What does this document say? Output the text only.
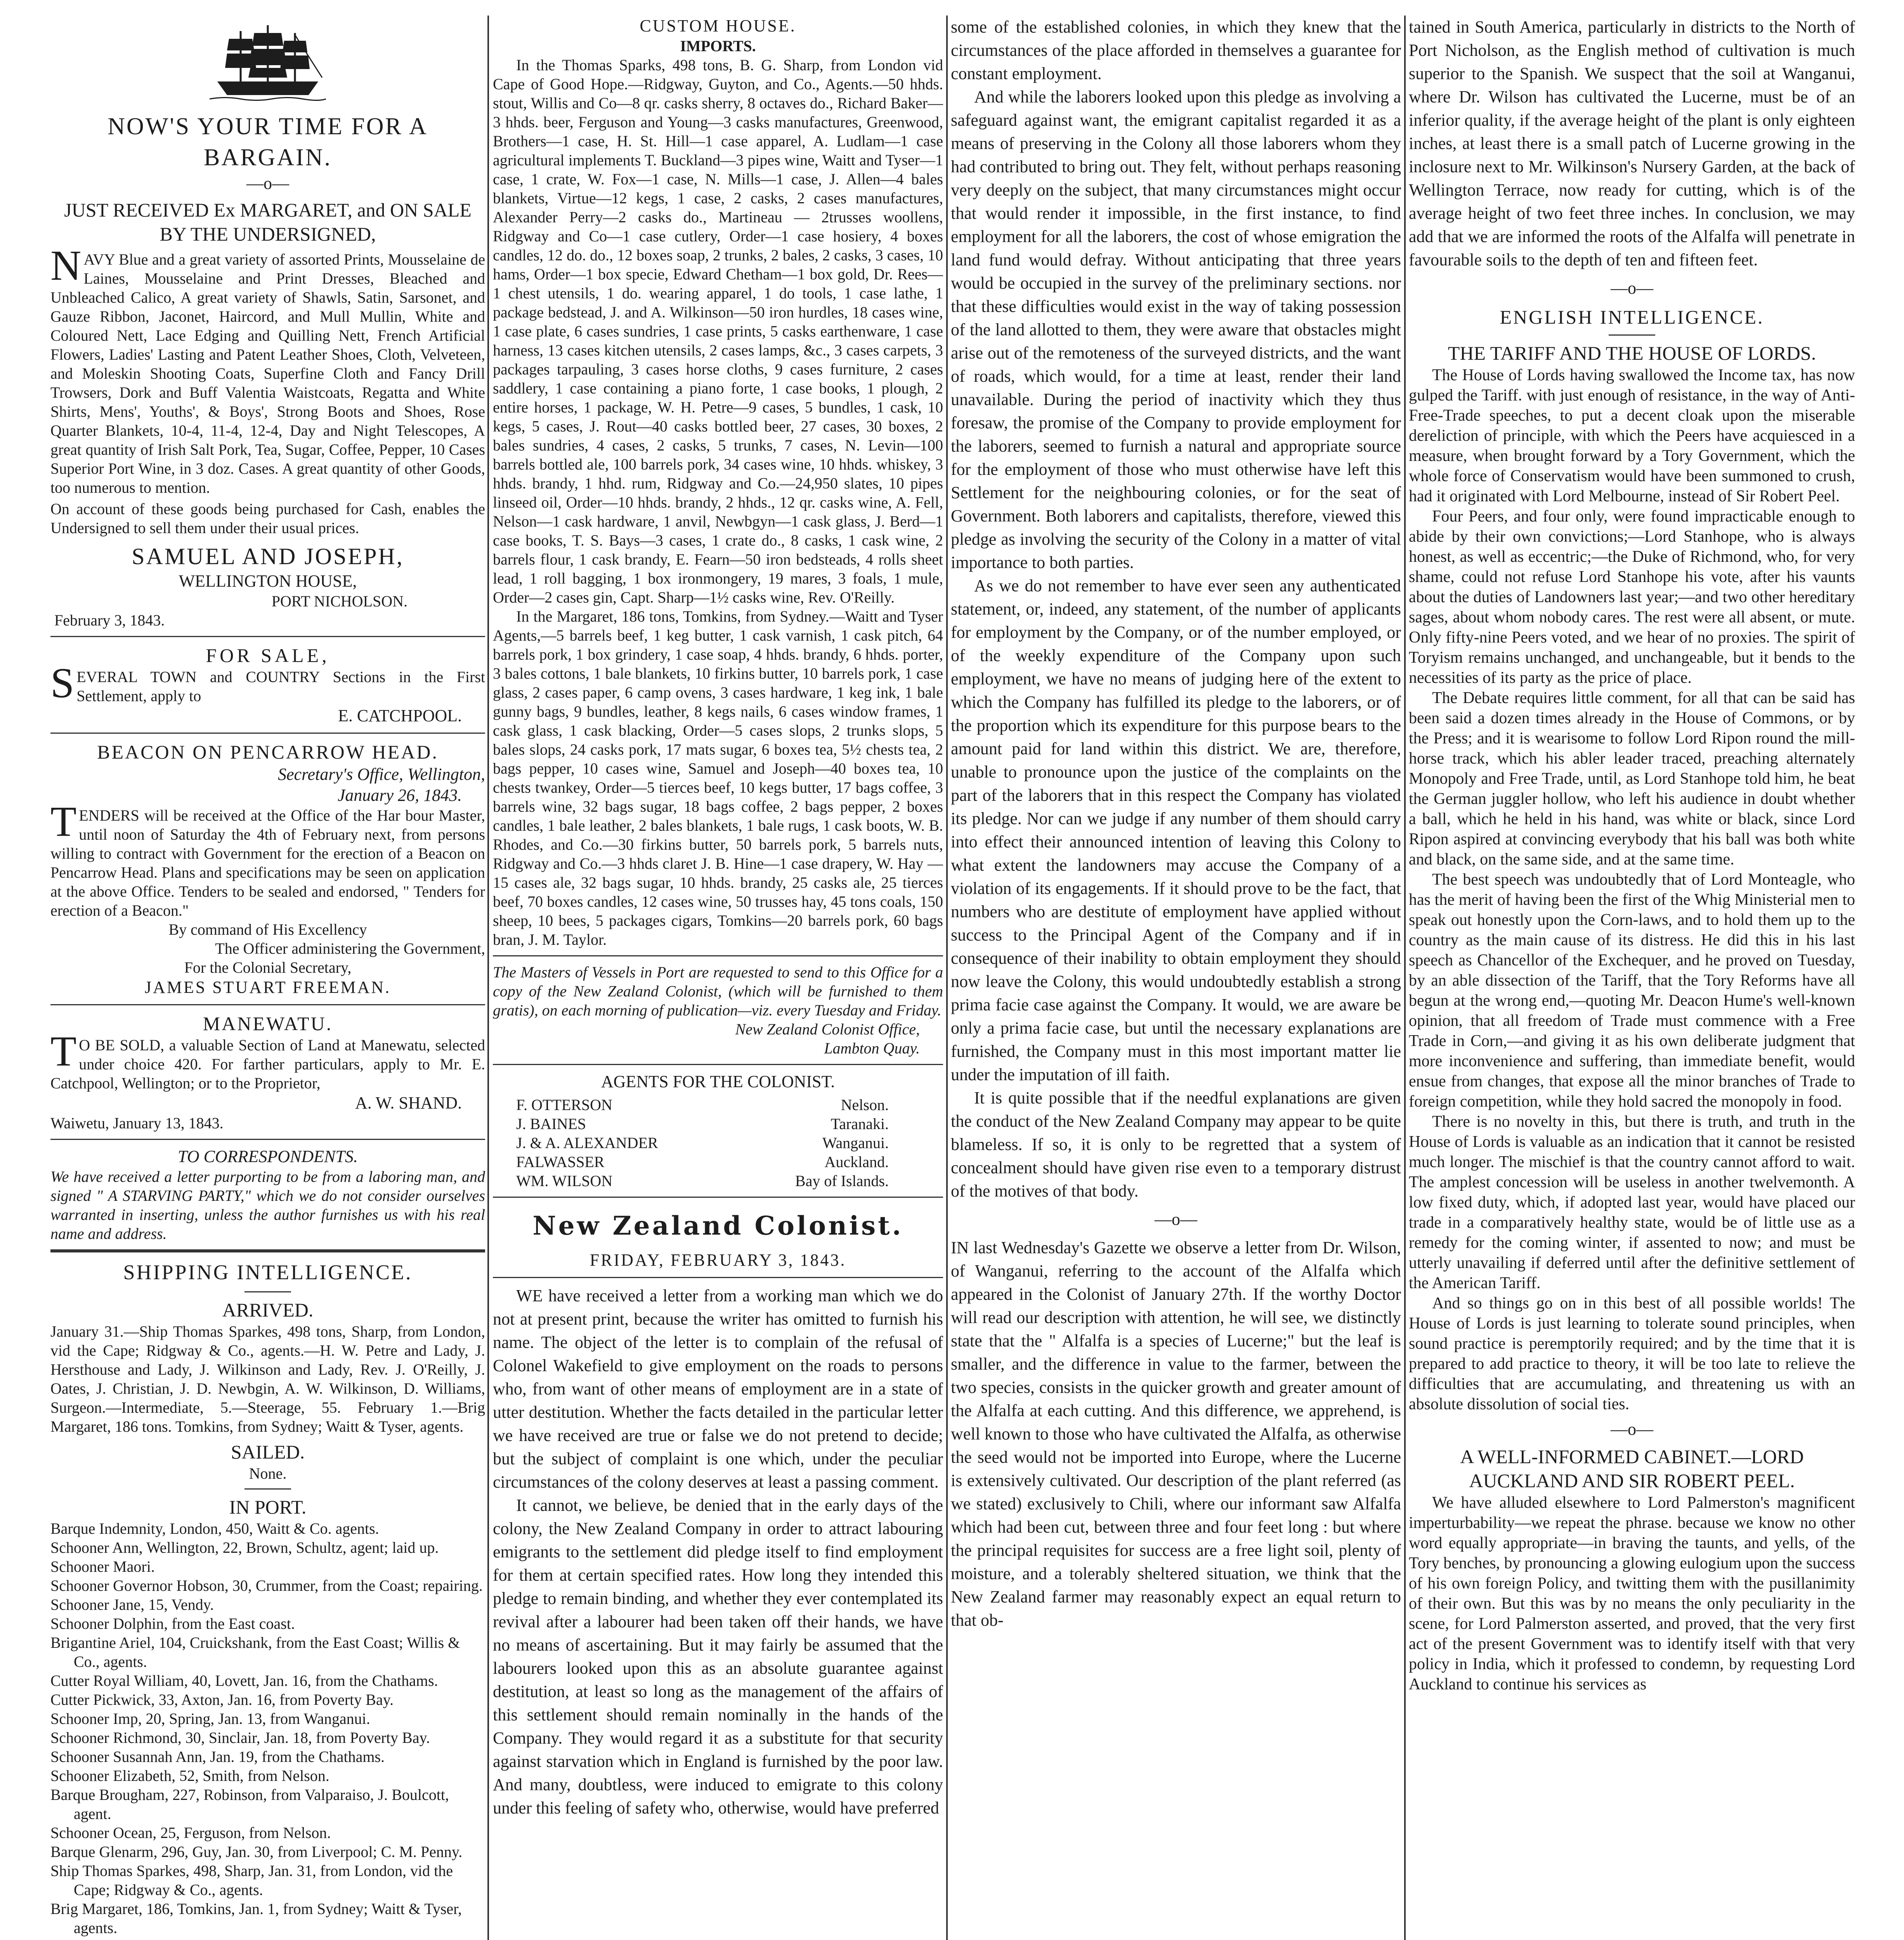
NOW'S YOUR TIME FOR A BARGAIN.
—o—
JUST RECEIVED Ex MARGARET, and ON SALE BY THE UNDERSIGNED,

NAVY Blue and a great variety of assorted Prints, Mousselaine de Laines, Mousselaine and Print Dresses, Bleached and Unbleached Calico, A great variety of Shawls, Satin, Sarsonet, and Gauze Ribbon, Jaconet, Haircord, and Mull Mullin, White and Coloured Nett, Lace Edging and Quilling Nett, French Artificial Flowers, Ladies' Lasting and Patent Leather Shoes, Cloth, Velveteen, and Moleskin Shooting Coats, Superfine Cloth and Fancy Drill Trowsers, Dork and Buff Valentia Waistcoats, Regatta and White Shirts, Mens', Youths', & Boys', Strong Boots and Shoes, Rose Quarter Blankets, 10-4, 11-4, 12-4, Day and Night Telescopes, A great quantity of Irish Salt Pork, Tea, Sugar, Coffee, Pepper, 10 Cases Superior Port Wine, in 3 doz. Cases. A great quantity of other Goods, too numerous to mention.

On account of these goods being purchased for Cash, enables the Undersigned to sell them under their usual prices.

SAMUEL AND JOSEPH,
WELLINGTON HOUSE,
PORT NICHOLSON.
February 3, 1843.
FOR SALE,

SEVERAL TOWN and COUNTRY Sections in the First Settlement, apply to

E. CATCHPOOL.
BEACON ON PENCARROW HEAD.
Secretary's Office, Wellington,
January 26, 1843.

TENDERS will be received at the Office of the Har bour Master, until noon of Saturday the 4th of February next, from persons willing to contract with Government for the erection of a Beacon on Pencarrow Head. Plans and specifications may be seen on application at the above Office. Tenders to be sealed and endorsed, " Tenders for erection of a Beacon."

By command of His Excellency
The Officer administering the Government,
For the Colonial Secretary,
JAMES STUART FREEMAN.
MANEWATU.

TO BE SOLD, a valuable Section of Land at Manewatu, selected under choice 420. For farther particulars, apply to Mr. E. Catchpool, Wellington; or to the Proprietor,

A. W. SHAND.
Waiwetu, January 13, 1843.
TO CORRESPONDENTS.

We have received a letter purporting to be from a laboring man, and signed " A STARVING PARTY," which we do not consider ourselves warranted in inserting, unless the author furnishes us with his real name and address.

SHIPPING INTELLIGENCE.
ARRIVED.

January 31.—Ship Thomas Sparkes, 498 tons, Sharp, from London, vid the Cape; Ridgway & Co., agents.—H. W. Petre and Lady, J. Hersthouse and Lady, J. Wilkinson and Lady, Rev. J. O'Reilly, J. Oates, J. Christian, J. D. Newbgin, A. W. Wilkinson, D. Williams, Surgeon.—Intermediate, 5.—Steerage, 55. February 1.—Brig Margaret, 186 tons. Tomkins, from Sydney; Waitt & Tyser, agents.

SAILED.
None.
IN PORT.
Barque Indemnity, London, 450, Waitt & Co. agents.
Schooner Ann, Wellington, 22, Brown, Schultz, agent; laid up.
Schooner Maori.
Schooner Governor Hobson, 30, Crummer, from the Coast; repairing.
Schooner Jane, 15, Vendy.
Schooner Dolphin, from the East coast.
Brigantine Ariel, 104, Cruickshank, from the East Coast; Willis & Co., agents.
Cutter Royal William, 40, Lovett, Jan. 16, from the Chathams.
Cutter Pickwick, 33, Axton, Jan. 16, from Poverty Bay.
Schooner Imp, 20, Spring, Jan. 13, from Wanganui.
Schooner Richmond, 30, Sinclair, Jan. 18, from Poverty Bay.
Schooner Susannah Ann, Jan. 19, from the Chathams.
Schooner Elizabeth, 52, Smith, from Nelson.
Barque Brougham, 227, Robinson, from Valparaiso, J. Boulcott, agent.
Schooner Ocean, 25, Ferguson, from Nelson.
Barque Glenarm, 296, Guy, Jan. 30, from Liverpool; C. M. Penny.
Ship Thomas Sparkes, 498, Sharp, Jan. 31, from London, vid the Cape; Ridgway & Co., agents.
Brig Margaret, 186, Tomkins, Jan. 1, from Sydney; Waitt & Tyser, agents.
CUSTOM HOUSE.
IMPORTS.

In the Thomas Sparks, 498 tons, B. G. Sharp, from London vid Cape of Good Hope.—Ridgway, Guyton, and Co., Agents.—50 hhds. stout, Willis and Co—8 qr. casks sherry, 8 octaves do., Richard Baker—3 hhds. beer, Ferguson and Young—3 casks manufactures, Greenwood, Brothers—1 case, H. St. Hill—1 case apparel, A. Ludlam—1 case agricultural implements T. Buckland—3 pipes wine, Waitt and Tyser—1 case, 1 crate, W. Fox—1 case, N. Mills—1 case, J. Allen—4 bales blankets, Virtue—12 kegs, 1 case, 2 casks, 2 cases manufactures, Alexander Perry—2 casks do., Martineau — 2trusses woollens, Ridgway and Co—1 case cutlery, Order—1 case hosiery, 4 boxes candles, 12 do. do., 12 boxes soap, 2 trunks, 2 bales, 2 casks, 3 cases, 10 hams, Order—1 box specie, Edward Chetham—1 box gold, Dr. Rees—1 chest utensils, 1 do. wearing apparel, 1 do tools, 1 case lathe, 1 package bedstead, J. and A. Wilkinson—50 iron hurdles, 18 cases wine, 1 case plate, 6 cases sundries, 1 case prints, 5 casks earthenware, 1 case harness, 13 cases kitchen utensils, 2 cases lamps, &c., 3 cases carpets, 3 packages tarpauling, 3 cases horse cloths, 9 cases furniture, 2 cases saddlery, 1 case containing a piano forte, 1 case books, 1 plough, 2 entire horses, 1 package, W. H. Petre—9 cases, 5 bundles, 1 cask, 10 kegs, 5 cases, J. Rout—40 casks bottled beer, 27 cases, 30 boxes, 2 bales sundries, 4 cases, 2 casks, 5 trunks, 7 cases, N. Levin—100 barrels bottled ale, 100 barrels pork, 34 cases wine, 10 hhds. whiskey, 3 hhds. brandy, 1 hhd. rum, Ridgway and Co.—24,950 slates, 10 pipes linseed oil, Order—10 hhds. brandy, 2 hhds., 12 qr. casks wine, A. Fell, Nelson—1 cask hardware, 1 anvil, Newbgyn—1 cask glass, J. Berd—1 case books, T. S. Bays—3 cases, 1 crate do., 8 casks, 1 cask wine, 2 barrels flour, 1 cask brandy, E. Fearn—50 iron bedsteads, 4 rolls sheet lead, 1 roll bagging, 1 box ironmongery, 19 mares, 3 foals, 1 mule, Order—2 cases gin, Capt. Sharp—1½ casks wine, Rev. O'Reilly.

In the Margaret, 186 tons, Tomkins, from Sydney.—Waitt and Tyser Agents,—5 barrels beef, 1 keg butter, 1 cask varnish, 1 cask pitch, 64 barrels pork, 1 box grindery, 1 case soap, 4 hhds. brandy, 6 hhds. porter, 3 bales cottons, 1 bale blankets, 10 firkins butter, 10 barrels pork, 1 case glass, 2 cases paper, 6 camp ovens, 3 cases hardware, 1 keg ink, 1 bale gunny bags, 9 bundles, leather, 8 kegs nails, 6 cases window frames, 1 cask glass, 1 cask blacking, Order—5 cases slops, 2 trunks slops, 5 bales slops, 24 casks pork, 17 mats sugar, 6 boxes tea, 5½ chests tea, 2 bags pepper, 10 cases wine, Samuel and Joseph—40 boxes tea, 10 chests twankey, Order—5 tierces beef, 10 kegs butter, 17 bags coffee, 3 barrels wine, 32 bags sugar, 18 bags coffee, 2 bags pepper, 2 boxes candles, 1 bale leather, 2 bales blankets, 1 bale rugs, 1 cask boots, W. B. Rhodes, and Co.—30 firkins butter, 50 barrels pork, 5 barrels nuts, Ridgway and Co.—3 hhds claret J. B. Hine—1 case drapery, W. Hay —15 cases ale, 32 bags sugar, 10 hhds. brandy, 25 casks ale, 25 tierces beef, 70 boxes candles, 12 cases wine, 50 trusses hay, 45 tons coals, 150 sheep, 10 bees, 5 packages cigars, Tomkins—20 barrels pork, 60 bags bran, J. M. Taylor.

The Masters of Vessels in Port are requested to send to this Office for a copy of the New Zealand Colonist, (which will be furnished to them gratis), on each morning of publication—viz. every Tuesday and Friday.

New Zealand Colonist Office,
Lambton Quay.
AGENTS FOR THE COLONIST.
F. OTTERSON	Nelson.
J. BAINES	Taranaki.
J. & A. ALEXANDER	Wanganui.
FALWASSER	Auckland.
WM. WILSON	Bay of Islands.
New Zealand Colonist.
FRIDAY, FEBRUARY 3, 1843.

WE have received a letter from a working man which we do not at present print, because the writer has omitted to furnish his name. The object of the letter is to complain of the refusal of Colonel Wakefield to give employment on the roads to persons who, from want of other means of employment are in a state of utter destitution. Whether the facts detailed in the particular letter we have received are true or false we do not pretend to decide; but the subject of complaint is one which, under the peculiar circumstances of the colony deserves at least a passing comment.

It cannot, we believe, be denied that in the early days of the colony, the New Zealand Company in order to attract labouring emigrants to the settlement did pledge itself to find employment for them at certain specified rates. How long they intended this pledge to remain binding, and whether they ever contemplated its revival after a labourer had been taken off their hands, we have no means of ascertaining. But it may fairly be assumed that the labourers looked upon this as an absolute guarantee against destitution, at least so long as the management of the affairs of this settlement should remain nominally in the hands of the Company. They would regard it as a substitute for that security against starvation which in England is furnished by the poor law. And many, doubtless, were induced to emigrate to this colony under this feeling of safety who, otherwise, would have preferred

some of the established colonies, in which they knew that the circumstances of the place afforded in themselves a guarantee for constant employment.

And while the laborers looked upon this pledge as involving a safeguard against want, the emigrant capitalist regarded it as a means of preserving in the Colony all those laborers whom they had contributed to bring out. They felt, without perhaps reasoning very deeply on the subject, that many circumstances might occur that would render it impossible, in the first instance, to find employment for all the laborers, the cost of whose emigration the land fund would defray. Without anticipating that three years would be occupied in the survey of the preliminary sections. nor that these difficulties would exist in the way of taking possession of the land allotted to them, they were aware that obstacles might arise out of the remoteness of the surveyed districts, and the want of roads, which would, for a time at least, render their land unavailable. During the period of inactivity which they thus foresaw, the promise of the Company to provide employment for the laborers, seemed to furnish a natural and appropriate source for the employment of those who must otherwise have left this Settlement for the neighbouring colonies, or for the seat of Government. Both laborers and capitalists, therefore, viewed this pledge as involving the security of the Colony in a matter of vital importance to both parties.

As we do not remember to have ever seen any authenticated statement, or, indeed, any statement, of the number of applicants for employment by the Company, or of the number employed, or of the weekly expenditure of the Company upon such employment, we have no means of judging here of the extent to which the Company has fulfilled its pledge to the laborers, or of the proportion which its expenditure for this purpose bears to the amount paid for land within this district. We are, therefore, unable to pronounce upon the justice of the complaints on the part of the laborers that in this respect the Company has violated its pledge. Nor can we judge if any number of them should carry into effect their announced intention of leaving this Colony to what extent the landowners may accuse the Company of a violation of its engagements. If it should prove to be the fact, that numbers who are destitute of employment have applied without success to the Principal Agent of the Company and if in consequence of their inability to obtain employment they should now leave the Colony, this would undoubtedly establish a strong prima facie case against the Company. It would, we are aware be only a prima facie case, but until the necessary explanations are furnished, the Company must in this most important matter lie under the imputation of ill faith.

It is quite possible that if the needful explanations are given the conduct of the New Zealand Company may appear to be quite blameless. If so, it is only to be regretted that a system of concealment should have given rise even to a temporary distrust of the motives of that body.

—o—

IN last Wednesday's Gazette we observe a letter from Dr. Wilson, of Wanganui, referring to the account of the Alfalfa which appeared in the Colonist of January 27th. If the worthy Doctor will read our description with attention, he will see, we distinctly state that the " Alfalfa is a species of Lucerne;" but the leaf is smaller, and the difference in value to the farmer, between the two species, consists in the quicker growth and greater amount of the Alfalfa at each cutting. And this difference, we apprehend, is well known to those who have cultivated the Alfalfa, as otherwise the seed would not be imported into Europe, where the Lucerne is extensively cultivated. Our description of the plant referred (as we stated) exclusively to Chili, where our informant saw Alfalfa which had been cut, between three and four feet long : but where the principal requisites for success are a free light soil, plenty of moisture, and a tolerably sheltered situation, we think that the New Zealand farmer may reasonably expect an equal return to that ob-

tained in South America, particularly in districts to the North of Port Nicholson, as the English method of cultivation is much superior to the Spanish. We suspect that the soil at Wanganui, where Dr. Wilson has cultivated the Lucerne, must be of an inferior quality, if the average height of the plant is only eighteen inches, at least there is a small patch of Lucerne growing in the inclosure next to Mr. Wilkinson's Nursery Garden, at the back of Wellington Terrace, now ready for cutting, which is of the average height of two feet three inches. In conclusion, we may add that we are informed the roots of the Alfalfa will penetrate in favourable soils to the depth of ten and fifteen feet.

—o—
ENGLISH INTELLIGENCE.
THE TARIFF AND THE HOUSE OF LORDS.

The House of Lords having swallowed the Income tax, has now gulped the Tariff. with just enough of resistance, in the way of Anti-Free-Trade speeches, to put a decent cloak upon the miserable dereliction of principle, with which the Peers have acquiesced in a measure, when brought forward by a Tory Government, which the whole force of Conservatism would have been summoned to crush, had it originated with Lord Melbourne, instead of Sir Robert Peel.

Four Peers, and four only, were found impracticable enough to abide by their own convictions;—Lord Stanhope, who is always honest, as well as eccentric;—the Duke of Richmond, who, for very shame, could not refuse Lord Stanhope his vote, after his vaunts about the duties of Landowners last year;—and two other hereditary sages, about whom nobody cares. The rest were all absent, or mute. Only fifty-nine Peers voted, and we hear of no proxies. The spirit of Toryism remains unchanged, and unchangeable, but it bends to the necessities of its party as the price of place.

The Debate requires little comment, for all that can be said has been said a dozen times already in the House of Commons, or by the Press; and it is wearisome to follow Lord Ripon round the mill-horse track, which his abler leader traced, preaching alternately Monopoly and Free Trade, until, as Lord Stanhope told him, he beat the German juggler hollow, who left his audience in doubt whether a ball, which he held in his hand, was white or black, since Lord Ripon aspired at convincing everybody that his ball was both white and black, on the same side, and at the same time.

The best speech was undoubtedly that of Lord Monteagle, who has the merit of having been the first of the Whig Ministerial men to speak out honestly upon the Corn-laws, and to hold them up to the country as the main cause of its distress. He did this in his last speech as Chancellor of the Exchequer, and he proved on Tuesday, by an able dissection of the Tariff, that the Tory Reforms have all begun at the wrong end,—quoting Mr. Deacon Hume's well-known opinion, that all freedom of Trade must commence with a Free Trade in Corn,—and giving it as his own deliberate judgment that more inconvenience and suffering, than immediate benefit, would ensue from changes, that expose all the minor branches of Trade to foreign competition, while they hold sacred the monopoly in food.

There is no novelty in this, but there is truth, and truth in the House of Lords is valuable as an indication that it cannot be resisted much longer. The mischief is that the country cannot afford to wait. The amplest concession will be useless in another twelvemonth. A low fixed duty, which, if adopted last year, would have placed our trade in a comparatively healthy state, would be of little use as a remedy for the coming winter, if assented to now; and must be utterly unavailing if deferred until after the definitive settlement of the American Tariff.

And so things go on in this best of all possible worlds! The House of Lords is just learning to tolerate sound principles, when sound practice is peremptorily required; and by the time that it is prepared to add practice to theory, it will be too late to relieve the difficulties that are accumulating, and threatening us with an absolute dissolution of social ties.

—o—
A WELL-INFORMED CABINET.—LORD AUCKLAND AND SIR ROBERT PEEL.

We have alluded elsewhere to Lord Palmerston's magnificent imperturbability—we repeat the phrase. because we know no other word equally appropriate—in braving the taunts, and yells, of the Tory benches, by pronouncing a glowing eulogium upon the success of his own foreign Policy, and twitting them with the pusillanimity of their own. But this was by no means the only peculiarity in the scene, for Lord Palmerston asserted, and proved, that the very first act of the present Government was to identify itself with that very policy in India, which it professed to condemn, by requesting Lord Auckland to continue his services as
